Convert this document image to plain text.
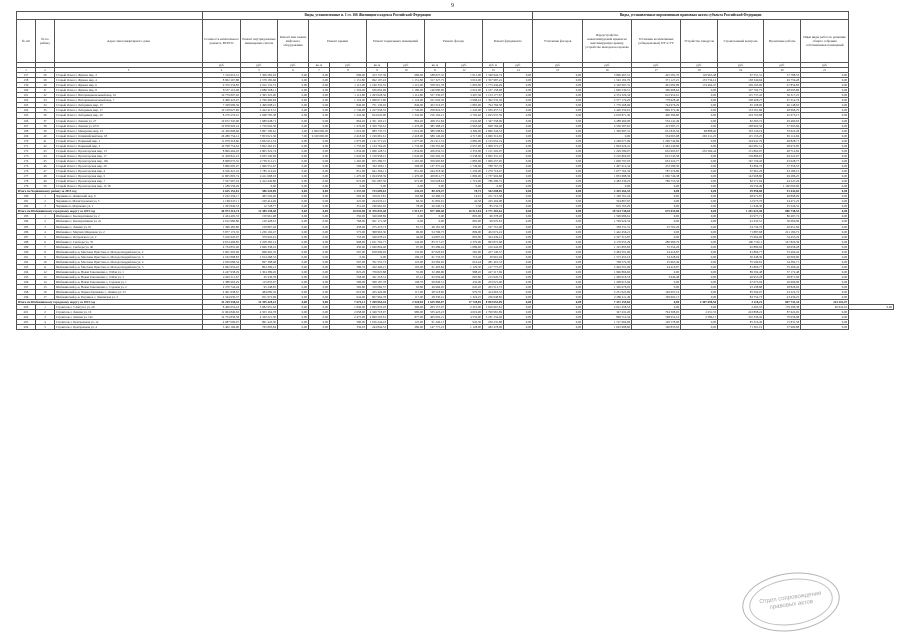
9
			Виды, установленные п. 1 ст. 166 Жилищного кодекса Российской Федерации											Виды, установленные нормативным правовым актом субъекта Российской Федерации							
№ п/п	№ по району	Адрес многоквартирного дома	Стоимость капитального ремонта, ВСЕГО	Ремонт внутридомовых инженерных систем	Ремонт или замена лифтового оборудования	Ремонт крыши		Ремонт подвальных помещений		Ремонт фасада		Ремонт фундамента		Утепление фасадов	Переустройство невентилируемой крыши на вентилируемую крышу, устройство выходов на кровлю	Установка коллективных (общедомовых) ПУ и УУ	Устройство пандусов	Строительный контроль	Проектные работы	Иные виды работ по решению общего собрания собственников помещений	
			руб.	руб.	руб.	кв. м	руб.	кв. м	руб.	кв. м	руб.	куб. м	руб.	руб.	руб.	руб.	руб.	руб.	руб.	руб.	
1	2	3	4	5	6	7	8	9	10	11	12	13	14	15	16	17	18	19	20	21	
157	20	Старый Оскол г, Жукова мкр, 3	7 319 619,51	1 306 582,03	0,00	0,00	686,00	413 747,39	686,00	188 827,35	1 915,00	1 349 942,74	0,00	0,00	3 896 467,51	425 581,70	118 963,48	67 551,31	37 788,53	0,00	
158	29	Старый Оскол г, Жукова мкр, 4	8 902 207,88	2 578 185,66	0,00	0,00	1 151,80	692 197,22	1 151,80	317 327,75	3 010,00	2 357 987,22	0,00	0,00	1 543 181,70	371 127,21	133 734,12	138 340,66	49 756,28	0,00	
159	30	Старый Оскол г, Жукова мкр, 6	9 370 234,85	2 912 135,72	0,00	0,00	1 115,00	1 160 332,55	1 115,00	558 561,78	1 803,00	1 773 436,49	0,00	0,00	2 192 997,31	461 082,89	174 464,47	109 195,90	47 854,83	0,00	
160	31	Старый Оскол г, Жукова мкр, 8	8 537 110,48	2 886 598,11	0,00	0,00	1 304,00	936 662,99	1 180,00	146 080,90	2 919,00	2 107 158,98	0,00	0,00	1 826 539,51	360 668,64	0,00	107 792,75	48 993,86	0,00	
161	32	Старый Оскол г, Интернациональный мкр, 16	10 779 897,92	2 395 325,00	0,00	0,00	1 112,80	1 293 028,56	1 112,80	557 330,97	3 407,36	1 133 177,67	0,00	0,00	4 374 329,34	612 952,61	0,00	115 737,43	56 317,25	0,00	
162	34	Старый Оскол г, Интернациональный мкр, 7	9 498 423,67	2 766 469,84	0,00	0,00	1 124,00	1 098 071,60	1 124,00	551 020,56	2 908,44	1 392 535,59	0,00	0,00	2 577 170,29	778 628,40	0,00	108 408,27	67 314,76	0,00	
163	34	Старый Оскол г, Лебединец мкр, 15	7 328 999,56	2 496 098,41	0,00	0,00	846,00	751 136,02	846,00	452 516,97	1 865,00	794 766,38	0,00	0,00	1 779 268,06	744 976,29	0,00	65 108,00	46 148,63	0,00	
164	35	Старый Оскол г, Лебединец мкр, 17	10 158 627,69	3 422 413,31	0,00	0,00	1 746,00	1 227 058,55	1 746,00	258 824,37	1 242,00	1 930 457,51	0,00	0,00	2 426 259,01	869 372,40	0,00	133 591,80	48 668,79	0,00	
165	36	Старый Оскол г, Лебединец мкр, 20	8 279 270,01	2 948 785,38	0,00	0,00	1 342,00	814 645,90	1 342,00	216 162,21	2 702,40	1 625 937,59	0,00	0,00	2 018 871,30	490 386,80	0,00	104 795,88	45 673,15	0,00	
166	37	Старый Оскол г, Ленина ул, 27	10 672 345,90	1 680 648,71	0,00	0,00	864,20	2 351 193,21	864,20	458 251,84	2 942,68	1 347 558,06	0,00	0,00	4 288 460,00	534 141,49	0,00	82 363,72	49 469,63	0,00	
167	38	Старый Оскол г, Ленина ул, 67/9	10 878 993,24	1 750 002,36	0,00	0,00	1 476,00	2 329 750,61	1 476,00	385 368,23	2 963,48	608 766,48	0,00	0,00	4 556 287,65	415 087,21	0,00	108 602,56	57 993,84	0,00	
168	39	Старый Оскол г, Макаренко мкр, 15	12 456 808,66	3 867 196,61	2,00	2 600 000,00	1 010,00	983 735,72	1 010,00	389 598,81	4 309,00	2 866 344,53	0,00	0,00	1 399 987,31	631 845,56	68 888,00	163 126,19	53 622,28	0,00	
169	40	Старый Оскол г, Олимпийский мкр, 18	26 286 754,12	7 853 021,36	7,00	9 100 000,00	2 418,00	1 199 681,61	2 418,00	589 140,26	4 717,00	4 660 316,65	0,00	0,00	0,00	554 063,98	263 211,25	115 155,25	65 114,84	0,00	
170	41	Старый Оскол г, Парковый мкр, 1	11 078 318,60	3 832 612,54	0,00	0,00	1 675,00	1 141 571,22	1 677,00	221 911,31	2 882,00	2 125 652,19	0,00	0,00	2 269 077,09	1 299 742,86	0,00	104 941,76	48 828,71	0,00	
171	42	Старый Оскол г, Парковый мкр, 3	10 708 754,63	3 822 262,91	0,00	0,00	1 733,00	1 134 764,20	1 733,00	138 355,66	2 957,00	1 908 372,27	0,00	0,00	1 804 626,41	1 463 240,80	0,00	162 981,51	48 972,85	0,00	
172	43	Старый Оскол г, Пролетарская мкр, 13	8 899 464,03	2 805 322,74	0,00	0,00	1 834,00	1 066 128,51	1 834,00	456 632,31	2 353,00	1 151 202,97	0,00	0,00	1 229 589,07	652 995,67	232 584,44	131 862,97	48 712,82	0,00	
173	44	Старый Оскол г, Пролетарская мкр, 17	11 458 841,23	3 035 540,69	0,00	0,00	1 643,00	1 159 938,41	1 643,00	520 292,76	2 538,00	2 845 331,16	0,00	0,00	2 216 866,05	612 543,58	0,00	139 886,67	49 222,97	0,00	
174	45	Старый Оскол г, Пролетарская мкр, 18а	8 908 075,32	2 759 511,21	0,00	0,00	1 265,00	815 286,57	1 265,00	359 605,83	1 883,00	1 606 257,05	0,00	0,00	1 609 797,03	653 222,77	0,00	167 159,43	45 028,77	0,00	
175	46	Старый Оскол г, Пролетарская мкр, 20	5 866 905,07	1 966 551,67	0,00	0,00	596,00	352 286,11	596,00	137 375,24	1 749,00	780 767,76	0,00	0,00	1 497 412,34	472 286,30	0,00	81 894,76	37 356,53	0,00	
176	47	Старый Оскол г, Пролетарская мкр, 4	6 526 421,16	1 785 114,45	0,00	0,00	851,00	641 394,11	851,00	244 318,30	1 259,00	1 279 716,47	0,00	0,00	1 677 762,34	787 274,89	0,00	67 661,26	43 180,15	0,00	
177	48	Старый Оскол г, Пролетарская мкр, 5	11 805 805,74	4 411 668,03	0,00	0,00	1 470,00	1 024 958,39	1 470,00	458 812,77	1 800,00	1 737 904,68	0,00	0,00	1 853 688,36	1 066 746,38	0,00	142 908,80	49 286,25	0,00	
178	49	Старый Оскол г, Пролетарская мкр, 7	7 527 667,16	2 412 449,86	0,00	0,00	972,00	811 687,56	972,00	319 028,63	1 719,00	786 390,72	0,00	0,00	2 483 336,23	789 753,34	0,00	82 571,94	44 247,26	0,00	
179	50	Старый Оскол г, Пролетарская мкр, 11/18	1 189 556,49	0,00	0,00	0,00	0,00	0,00	0,00	0,00	0,00	0,00	0,00	0,00	0,00	0,00	0,00	29 556,49	1 160 000,00	0,00	
Итого по Чернянскому району за 2015 год			4 625 152,81	586 520,89	0,00	0,00	1 237,40	723 609,63	235,45	80 329,47	78,72	542 698,09	0,00	0,00	2 425 264,35	0,00	0,00	59 996,80	91 442,82	0,00	
180	1	Чернянка п, Ленинский пер, 9	2 232 256,17	465 592,40	0,00	0,00	502,00	319 013,81	102,88	22 486,72	16,91	211 715,38	0,00	0,00	1 109 701,24	0,00	0,00	48 971,87	48 898,09	0,00	
181	2	Чернянка п, Магистральная ул, 5	1 169 047,11	100 414,49	0,00	0,00	225,00	224 633,41	66,56	31 802,01	42,58	245 404,98	0,00	0,00	504 867,65	0,00	0,00	12 073,76	24 471,25	0,00	
182	3	Чернянка п, Маршенко ул, 1	1 203 849,53	12 728,77	0,00	0,00	351,40	196 662,92	78,00	26 240,74	5,38	85 532,73	0,00	0,00	819 765,29	0,00	0,00	11 646,30	25 226,52	0,00	
Итого по Шебекинскому городскому округу за 2015 год			40 973 316,74	12 389 238,48	0,00	0,00	10 045,90	11 476 835,48	1 913,57	877 489,48	16 913,04	4 771 302,62	0,00	0,00	20 524 738,64	675 035,86	0,00	1 201 623,40	886 738,54	0,00	
183	1	Шебекино г, Кооперативная ул, 2	2 434 495,33	150 961,98	0,00	0,00	350,00	340 608,89	0,00	0,00	805,00	69 378,28	0,00	0,00	1 599 986,61	0,00	0,00	45 977,71	86 467,74	0,00	
184	2	Шебекино г, Кооперативная ул, 2а	2 012 980,86	120 428,61	0,00	0,00	768,00	921 171,38	0,00	0,00	895,00	69 970,63	0,00	0,00	1 799 924,34	0,00	0,00	61 432,51	30 069,96	0,00	
185	3	Шебекино г, Ленина ул, 91	1 396 483,80	159 867,04	0,00	0,00	458,00	275 473,73	81,72	48 181,58	450,00	197 761,00	0,00	0,00	358 331,31	25 702,26	0,00	24 734,76	26 651,84	0,00	
186	4	Шебекино г, Мартюх Шарапова ул, 2	3 877 172,35	1 236 192,47	0,00	0,00	575,00	398 963,30	90,00	54 706,75	899,00	452 672,22	0,00	0,00	1 442 456,21	0,00	0,00	71 887,68	221 180,72	0,00	
187	5	Шебекино г, Петровского ул, 2	3 016 945,97	379 945,91	0,00	0,00	733,00	540 678,22	44,00	24 897,10	803,00	324 439,41	0,00	0,00	2 327 313,87	0,00	0,00	75 664,00	34 453,20	0,00	
188	6	Шебекино г, Свободы ул, 35	9 674 496,85	2 258 382,14	0,00	0,00	998,00	1 811 762,77	142,00	83 717,27	2 379,00	963 872,68	0,00	0,00	4 179 053,29	286 980,76	0,00	190 719,11	147 820,39	0,00	
189	7	Шебекино г, Свободы ул, 40	4 734 855,26	2 666 338,16	0,00	0,00	450,00	1 040 804,48	97,00	63 289,44	1 086,00	210 442,95	0,00	0,00	1 191 895,83	35 354,26	0,00	92 880,94	28 658,28	0,00	
190	8	Шебекинский р-н, Масловы Пристань п, Молодогвардейская ул, 2	2 661 993,06	698 462,76	0,00	0,00	597,00	818 909,92	135,00	67 020,63	565,00	257 140,37	0,00	0,00	2 484 591,99	24 416,87	0,00	81 866,77	35 406,42	0,00	
191	9	Шебекинский р-н, Масловы Пристань п, Молодогвардейская ул, 3	2 192 898,83	1 014 268,53	0,00	0,00	0,00	0,00	109,18	61 733,35	716,48	39 991,94	0,00	0,00	1 573 455,16	34 328,04	0,00	50 448,39	20 000,00	0,00	
192	10	Шебекинский р-н, Масловы Пристань п, Молодогвардейская ул, 4	2 656 686,34	697 388,48	0,00	0,00	597,00	791 555,73	125,00	64 582,65	616,44	281 401,33	0,00	0,00	768 574,30	25 663,49	0,00	55 299,81	34 382,71	0,00	
193	11	Шебекинский р-н, Масловы Пристань п, Молодогвардейская ул, 5	4 062 954,22	804 396,12	0,00	0,00	586,76	432 406,21	105,00	61 403,84	1 129,30	127 775,07	0,00	0,00	2 494 591,99	24 416,87	0,00	81 866,77	35 406,42	0,00	
194	12	Шебекинский р-н, Новая Таволжанка с, 9 Мая ул, 1	4 247 938,29	1 304 389,20	0,00	0,00	825,20	739 825,88	55,00	32 480,96	988,20	247 217,69	0,00	0,00	1 996 866,60	0,00	0,00	89 592,48	37 172,48	0,00	
195	13	Шебекинский р-н, Новая Таволжанка с, 9 Мая ул, 3	4 402 511,67	45 436,78	0,00	0,00	558,00	341 218,31	97,41	62 659,48	695,80	213 945,74	0,00	0,00	1 409 918,53	3 649,48	0,00	46 955,28	28 871,66	0,00	
196	14	Шебекинский р-н, Новая Таволжанка с, Садовая ул, 1	2 386 963,29	115 835,97	0,00	0,00	586,00	508 187,78	108,70	66 846,31	432,00	223 021,66	0,00	0,00	1 298 615,66	0,00	0,00	47 673,04	26 690,00	0,00	
197	15	Шебекинский р-н, Новая Таволжанка с, Садовая ул, 2	2 270 744,04	95 248,85	0,00	0,00	582,80	319 082,57	93,86	49 966,05	645,20	203 512,72	0,00	0,00	1 326 678,05	0,00	0,00	45 438,88	28 828,92	0,00	
198	16	Шебекинский р-н, Первое Цепляево с, Ленина ул, 53	4 401 938,67	484 080,34	0,00	0,00	610,00	455 426,08	117,00	48 518,82	979,70	414 963,55	0,00	0,00	2 251 923,99	146 607,16	0,00	85 504,97	43 222,72	0,00	
199	17	Шебекинский р-н, Разумное с, Ленинская ул, 3	4 344 930,37	651 972,69	0,00	0,00	644,00	857 664,78	117,00	28 330,41	1 324,25	256 048,85	0,00	0,00	2 286 411,49	199 602,13	0,00	84 754,73	43 439,25	0,00	
Итого по Шебекинскому городскому округу за 2015 год			41 229 538,42	14 395 428,23	0,00	0,00	7 675,12	7 269 064,44	2 520,69	1 635 583,07	17 728,85	8 094 653,09	0,00	0,00	7 331 255,82	0,00	2 407 698,50	3 118,22	807 741,34	243 262,07	
200	1	Строитель г, 5 Августа ул, 20	8 406 654,43	3 082 951,62	0,00	0,00	1 846,00	1 095 676,03	396,00	203 157,07	2 310,00	1 650 967,81	0,00	0,00	2 021 458,53	0,00	0,00	2 493,55	179 290,38	40 622,61	0,00
201	2	Строитель г, Ленина ул, 19	11 604 840,63	4 503 164,78	0,00	0,00	2 658,00	2 349 718,97	980,00	535 423,23	4 619,00	2 790 981,89	0,00	0,00	347 431,20	794 308,05	2 251,55	243 808,22	87 622,95	0,00	
202	3	Строитель г, Ленина ул, 19а	14 754 836,58	4 330 221,30	0,00	0,00	2 475,00	2 699 503,61	877,00	405 092,21	4 532,00	3 181 334,46	0,00	0,00	869 714,34	768 952,10	2 580,17	310 336,42	70 956,08	0,00	
203	4	Строитель г, Центральная ул, 12	4 087 099,97	891 443,30	0,00	0,00	580,00	1 016 244,43	125,00	61 340,13	945,30	239 235,88	0,00	0,00	1 727 664,96	146 578,90	0,00	85 316,49	15 831,58	0,00	
204	5	Строитель г, Центральная ул, 4	3 402 166,90	765 803,84	0,00	0,00	336,93	244 844,53	280,00	147 775,23	1 128,00	282 478,06	0,00	0,00	1 643 988,60	196 833,63	0,00	71 361,19	37 969,88	0,00	
Отдел сопровождения правовых актов
